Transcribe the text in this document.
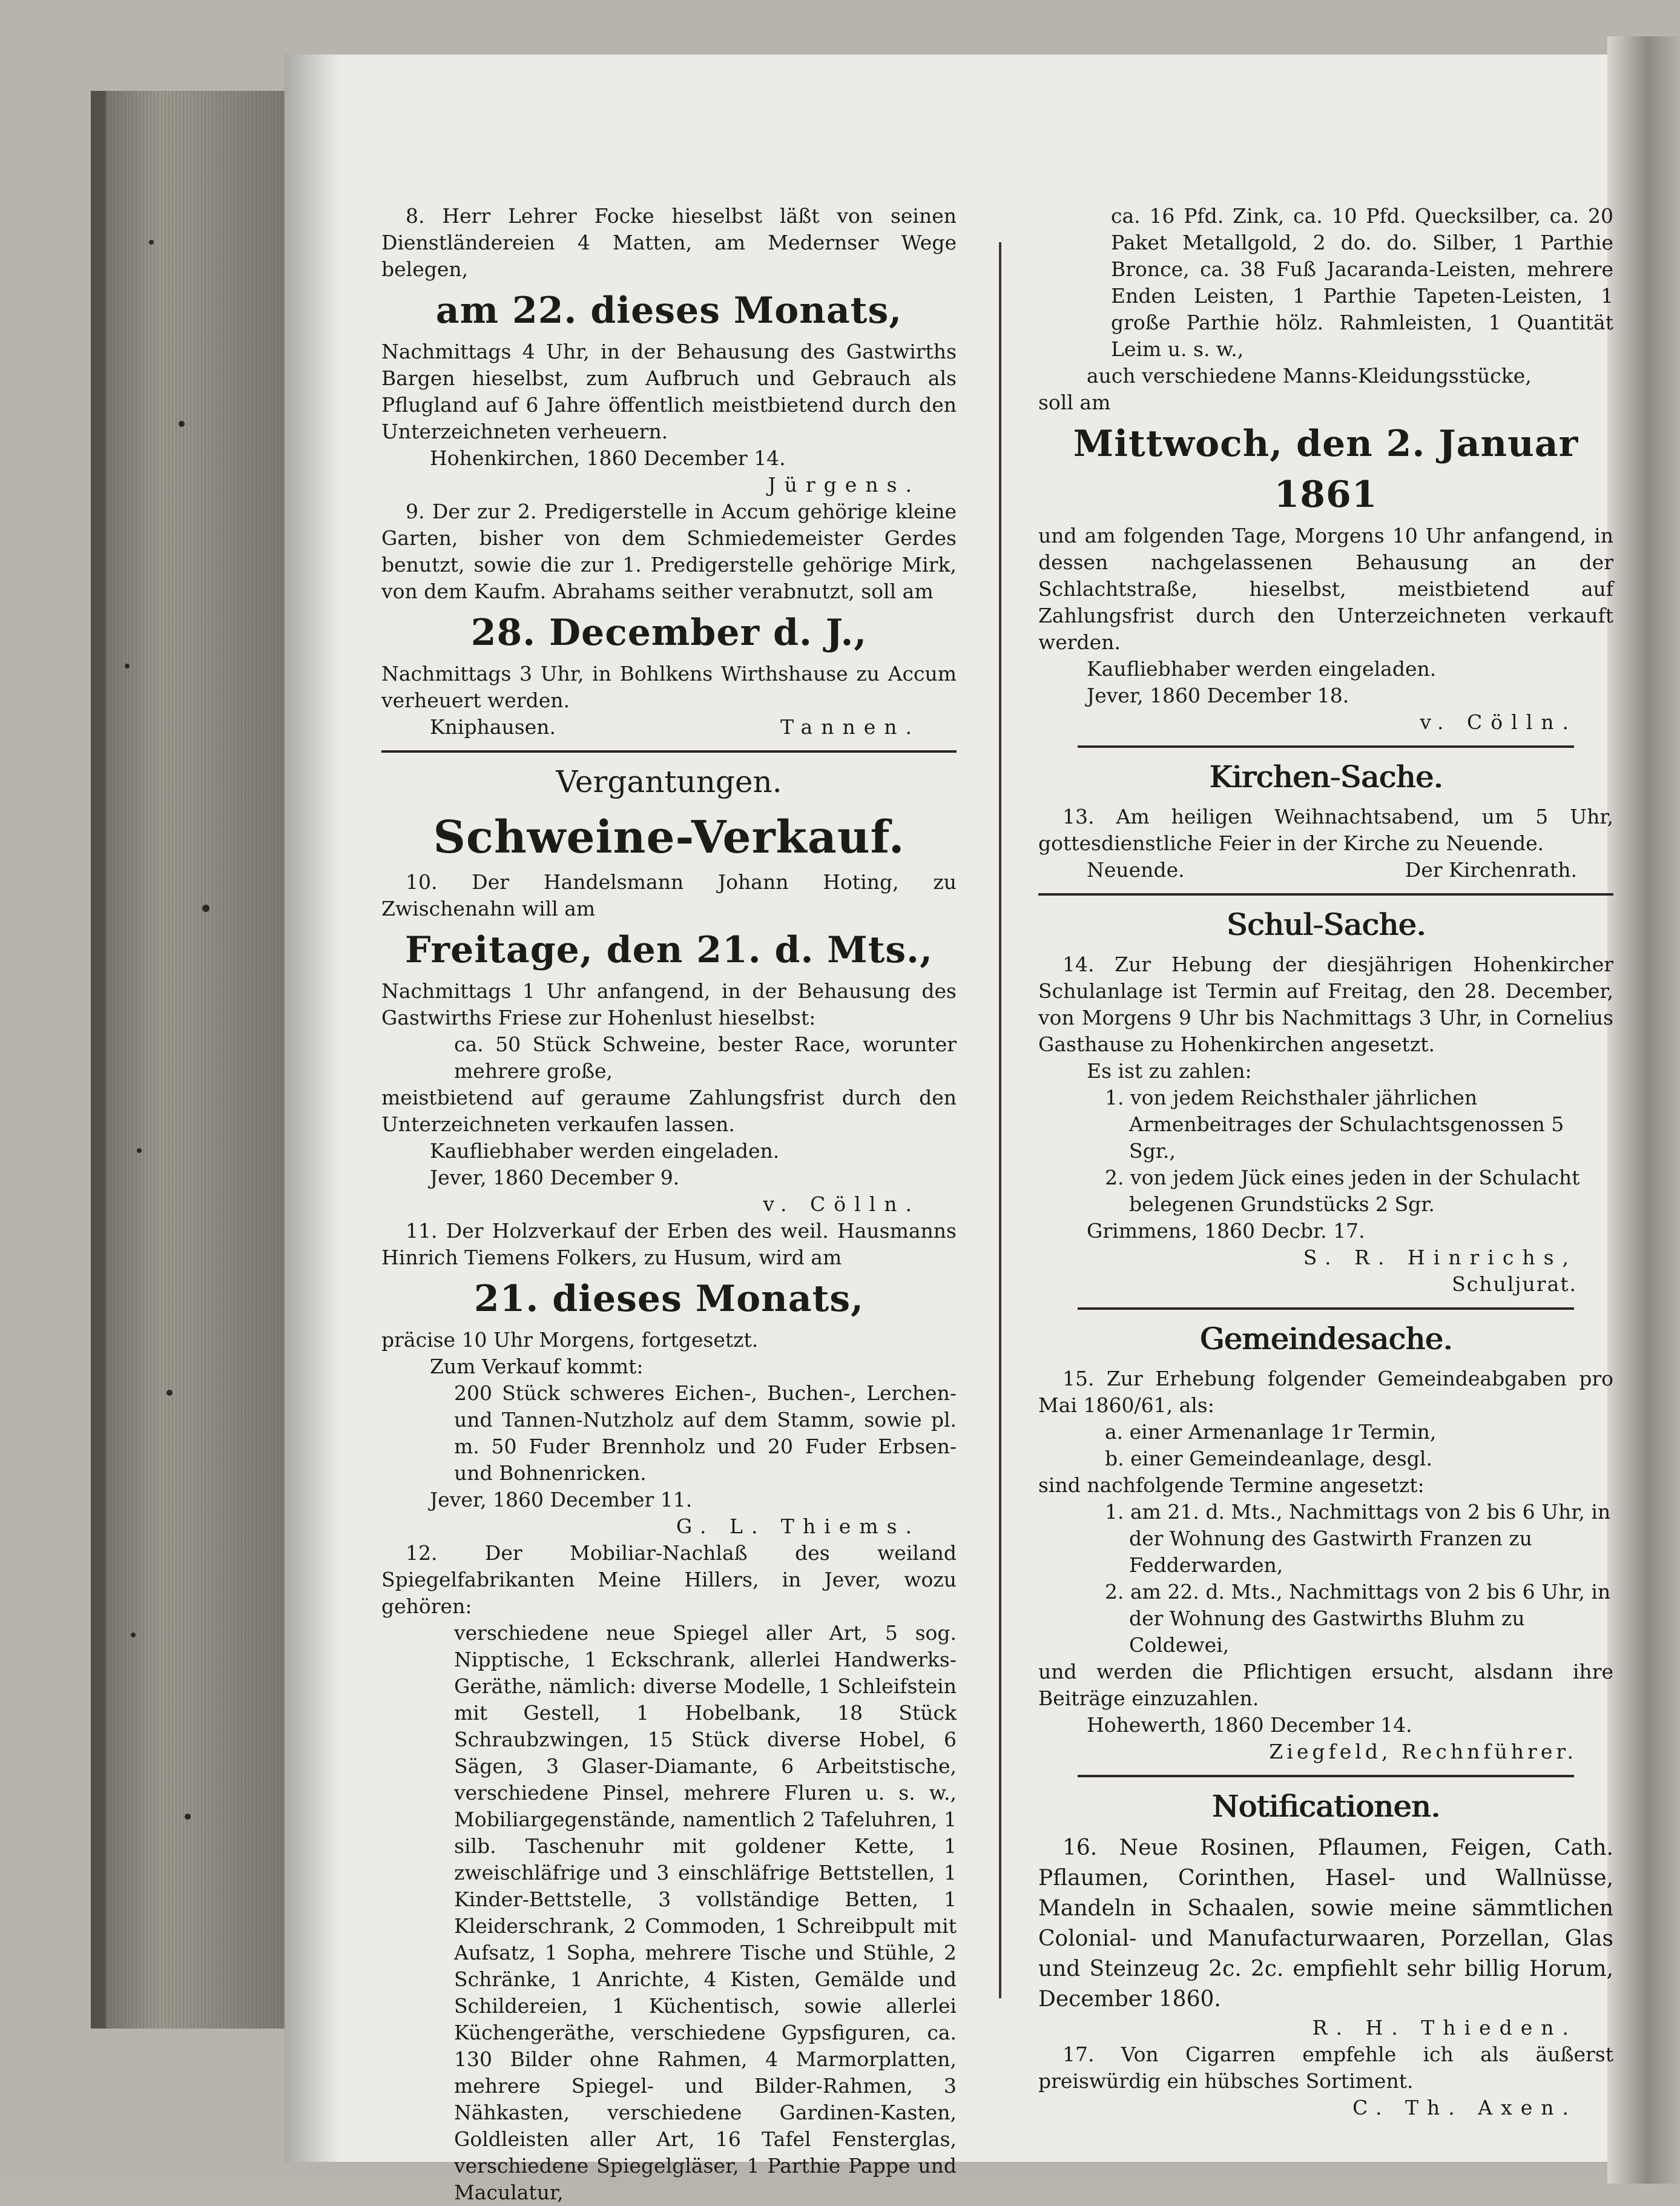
8. Herr Lehrer Focke hieselbst läßt von seinen Dienstländereien 4 Matten, am Medernser Wege belegen,

am 22. dieses Monats,

Nachmittags 4 Uhr, in der Behausung des Gastwirths Bargen hieselbst, zum Aufbruch und Gebrauch als Pflugland auf 6 Jahre öffentlich meistbietend durch den Unterzeichneten verheuern.

Hohenkirchen, 1860 December 14.

Jürgens.

9. Der zur 2. Predigerstelle in Accum gehörige kleine Garten, bisher von dem Schmiedemeister Gerdes benutzt, sowie die zur 1. Predigerstelle gehörige Mirk, von dem Kaufm. Abrahams seither verabnutzt, soll am

28. December d. J.,

Nachmittags 3 Uhr, in Bohlkens Wirthshause zu Accum verheuert werden.

Kniphausen.	Tannen.

Vergantungen.

Schweine-Verkauf.

10. Der Handelsmann Johann Hoting, zu Zwischenahn will am

Freitage, den 21. d. Mts.,

Nachmittags 1 Uhr anfangend, in der Behausung des Gastwirths Friese zur Hohenlust hieselbst:

ca. 50 Stück Schweine, bester Race, worunter mehrere große,

meistbietend auf geraume Zahlungsfrist durch den Unterzeichneten verkaufen lassen.

Kaufliebhaber werden eingeladen.

Jever, 1860 December 9.

v. Cölln.

11. Der Holzverkauf der Erben des weil. Hausmanns Hinrich Tiemens Folkers, zu Husum, wird am

21. dieses Monats,

präcise 10 Uhr Morgens, fortgesetzt.

Zum Verkauf kommt:

200 Stück schweres Eichen-, Buchen-, Lerchen- und Tannen-Nutzholz auf dem Stamm, sowie pl. m. 50 Fuder Brennholz und 20 Fuder Erbsen- und Bohnenricken.

Jever, 1860 December 11.

G. L. Thiems.

12. Der Mobiliar-Nachlaß des weiland Spiegelfabrikanten Meine Hillers, in Jever, wozu gehören:

verschiedene neue Spiegel aller Art, 5 sog. Nipptische, 1 Eckschrank, allerlei Handwerks-Geräthe, nämlich: diverse Modelle, 1 Schleifstein mit Gestell, 1 Hobelbank, 18 Stück Schraubzwingen, 15 Stück diverse Hobel, 6 Sägen, 3 Glaser-Diamante, 6 Arbeitstische, verschiedene Pinsel, mehrere Fluren u. s. w., Mobiliargegenstände, namentlich 2 Tafeluhren, 1 silb. Taschenuhr mit goldener Kette, 1 zweischläfrige und 3 einschläfrige Bettstellen, 1 Kinder-Bettstelle, 3 vollständige Betten, 1 Kleiderschrank, 2 Commoden, 1 Schreibpult mit Aufsatz, 1 Sopha, mehrere Tische und Stühle, 2 Schränke, 1 Anrichte, 4 Kisten, Gemälde und Schildereien, 1 Küchentisch, sowie allerlei Küchengeräthe, verschiedene Gypsfiguren, ca. 130 Bilder ohne Rahmen, 4 Marmorplatten, mehrere Spiegel- und Bilder-Rahmen, 3 Nähkasten, verschiedene Gardinen-Kasten, Goldleisten aller Art, 16 Tafel Fensterglas, verschiedene Spiegelgläser, 1 Parthie Pappe und Maculatur,

ca. 16 Pfd. Zink, ca. 10 Pfd. Quecksilber, ca. 20 Paket Metallgold, 2 do. do. Silber, 1 Parthie Bronce, ca. 38 Fuß Jacaranda-Leisten, mehrere Enden Leisten, 1 Parthie Tapeten-Leisten, 1 große Parthie hölz. Rahmleisten, 1 Quantität Leim u. s. w.,

auch verschiedene Manns-Kleidungsstücke,

soll am

Mittwoch, den 2. Januar 1861

und am folgenden Tage, Morgens 10 Uhr anfangend, in dessen nachgelassenen Behausung an der Schlachtstraße, hieselbst, meistbietend auf Zahlungsfrist durch den Unterzeichneten verkauft werden.

Kaufliebhaber werden eingeladen.

Jever, 1860 December 18.

v. Cölln.

Kirchen-Sache.

13. Am heiligen Weihnachtsabend, um 5 Uhr, gottesdienstliche Feier in der Kirche zu Neuende.

Neuende.	Der Kirchenrath.

Schul-Sache.

14. Zur Hebung der diesjährigen Hohenkircher Schulanlage ist Termin auf Freitag, den 28. December, von Morgens 9 Uhr bis Nachmittags 3 Uhr, in Cornelius Gasthause zu Hohenkirchen angesetzt.

Es ist zu zahlen:

1. von jedem Reichsthaler jährlichen Armenbeitrages der Schulachtsgenossen 5 Sgr.,

2. von jedem Jück eines jeden in der Schulacht belegenen Grundstücks 2 Sgr.

Grimmens, 1860 Decbr. 17.

S. R. Hinrichs,

Schuljurat.

Gemeindesache.

15. Zur Erhebung folgender Gemeindeabgaben pro Mai 1860/61, als:

a. einer Armenanlage 1r Termin,

b. einer Gemeindeanlage, desgl.

sind nachfolgende Termine angesetzt:

1. am 21. d. Mts., Nachmittags von 2 bis 6 Uhr, in der Wohnung des Gastwirth Franzen zu Fedderwarden,

2. am 22. d. Mts., Nachmittags von 2 bis 6 Uhr, in der Wohnung des Gastwirths Bluhm zu Coldewei,

und werden die Pflichtigen ersucht, alsdann ihre Beiträge einzuzahlen.

Hohewerth, 1860 December 14.

Ziegfeld, Rechnführer.

Notificationen.

16. Neue Rosinen, Pflaumen, Feigen, Cath. Pflaumen, Corinthen, Hasel- und Wallnüsse, Mandeln in Schaalen, sowie meine sämmtlichen Colonial- und Manufacturwaaren, Porzellan, Glas und Steinzeug 2c. 2c. empfiehlt sehr billig Horum, December 1860.

R. H. Thieden.

17. Von Cigarren empfehle ich als äußerst preiswürdig ein hübsches Sortiment.

C. Th. Axen.
